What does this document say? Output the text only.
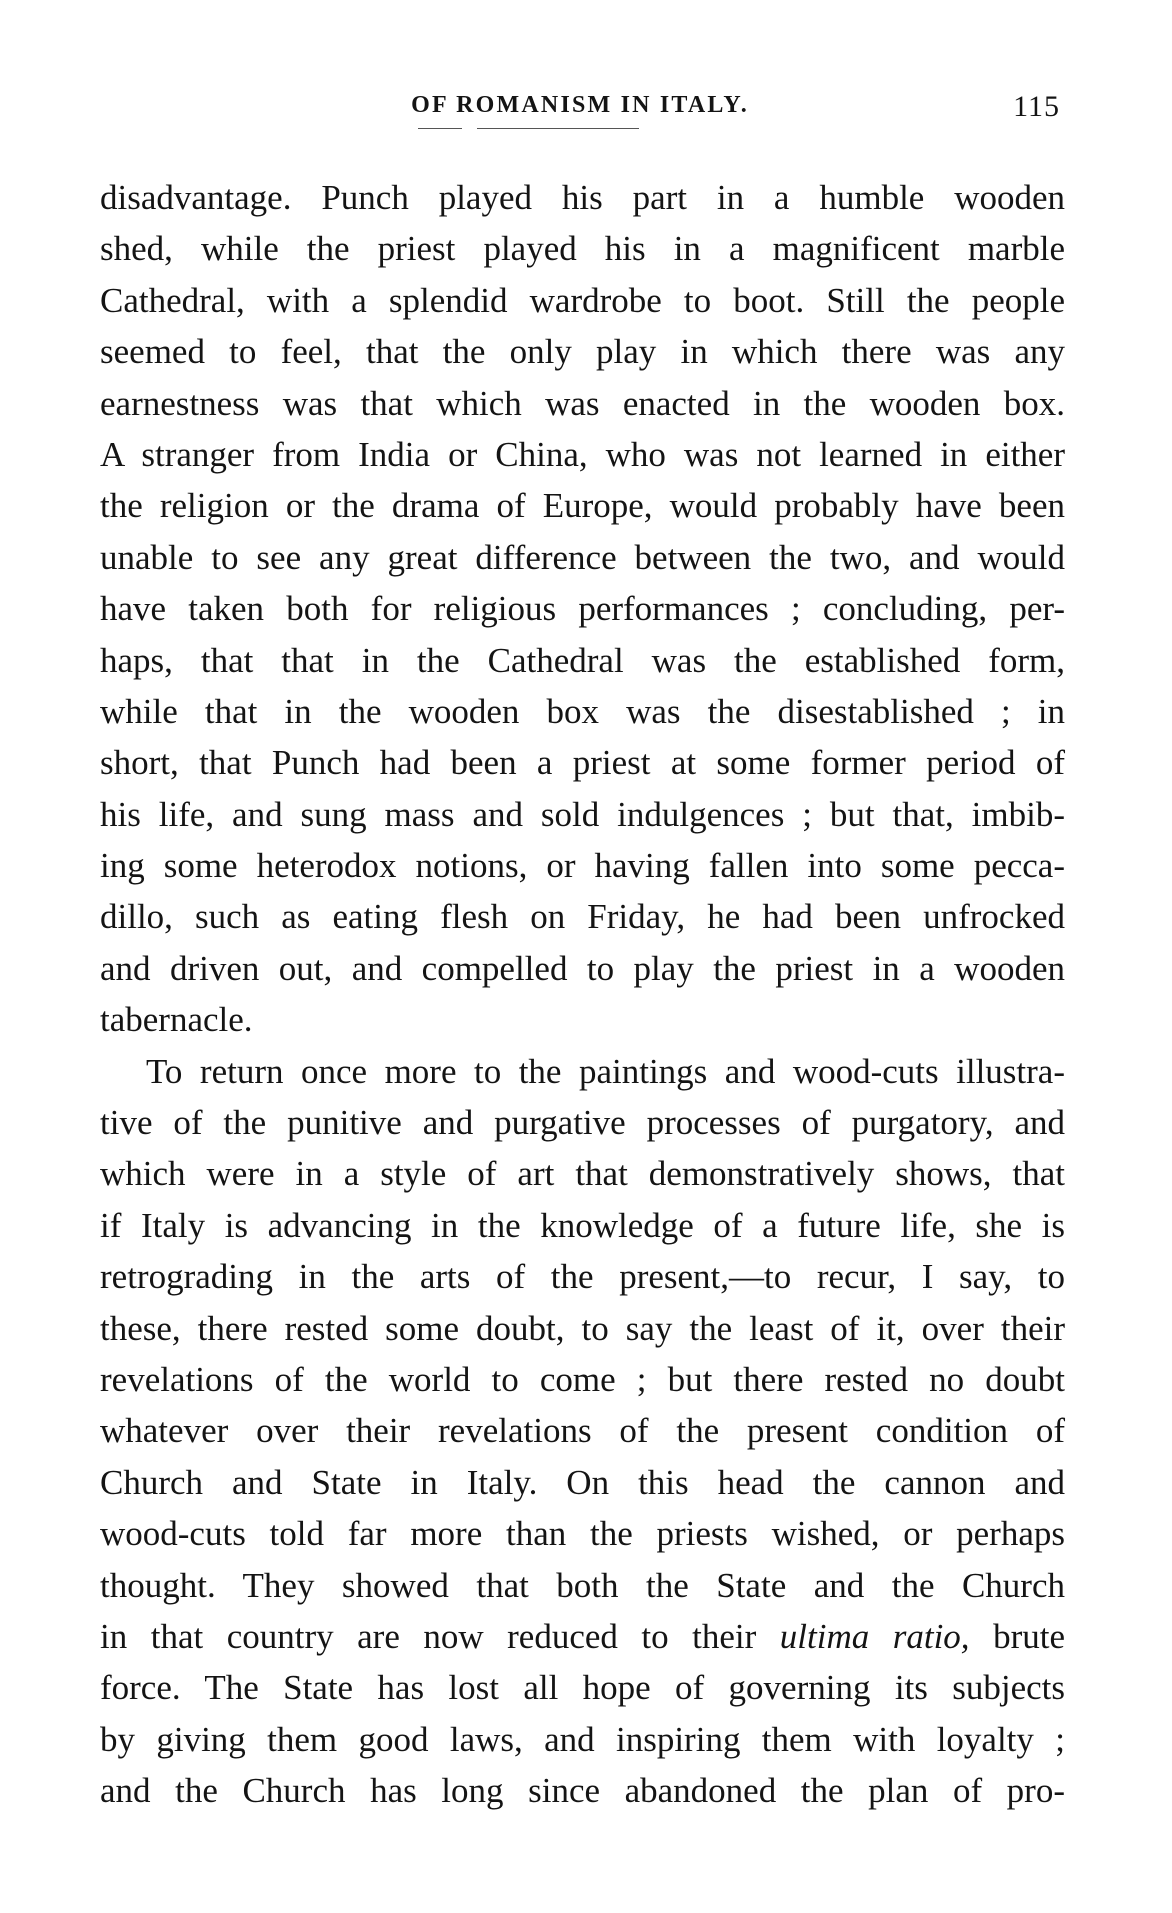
OF ROMANISM IN ITALY.	115
disadvantage. Punch played his part in a humble wooden
shed, while the priest played his in a magnificent marble
Cathedral, with a splendid wardrobe to boot. Still the people
seemed to feel, that the only play in which there was any
earnestness was that which was enacted in the wooden box.
A stranger from India or China, who was not learned in either
the religion or the drama of Europe, would probably have been
unable to see any great difference between the two, and would
have taken both for religious performances ; concluding, per-
haps, that that in the Cathedral was the established form,
while that in the wooden box was the disestablished ; in
short, that Punch had been a priest at some former period of
his life, and sung mass and sold indulgences ; but that, imbib-
ing some heterodox notions, or having fallen into some pecca-
dillo, such as eating flesh on Friday, he had been unfrocked
and driven out, and compelled to play the priest in a wooden
tabernacle.
To return once more to the paintings and wood-cuts illustra-
tive of the punitive and purgative processes of purgatory, and
which were in a style of art that demonstratively shows, that
if Italy is advancing in the knowledge of a future life, she is
retrograding in the arts of the present,—to recur, I say, to
these, there rested some doubt, to say the least of it, over their
revelations of the world to come ; but there rested no doubt
whatever over their revelations of the present condition of
Church and State in Italy. On this head the cannon and
wood-cuts told far more than the priests wished, or perhaps
thought. They showed that both the State and the Church
in that country are now reduced to their ultima ratio, brute
force. The State has lost all hope of governing its subjects
by giving them good laws, and inspiring them with loyalty ;
and the Church has long since abandoned the plan of pro-
